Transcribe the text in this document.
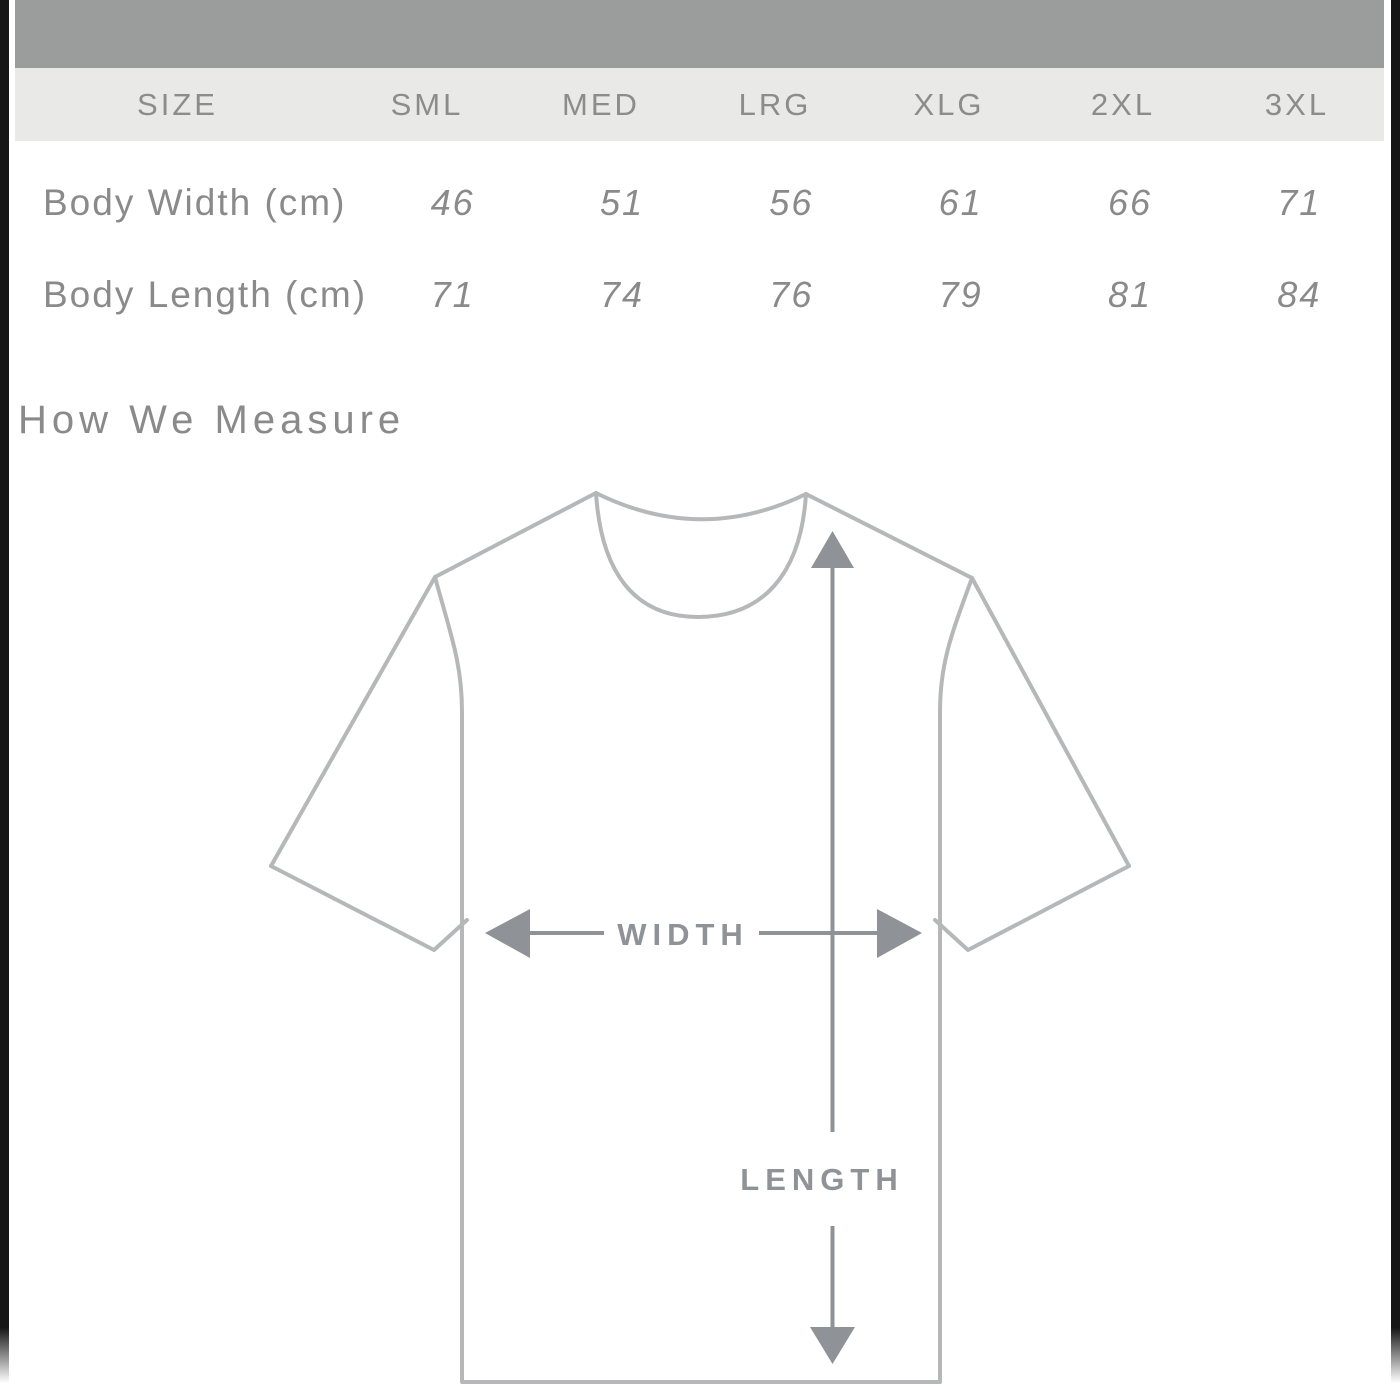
SIZE	SML	MED	LRG	XLG	2XL	3XL
Body Width (cm)	46	51	56	61	66	71
Body Length (cm)	71	74	76	79	81	84
How We Measure
WIDTH
LENGTH
